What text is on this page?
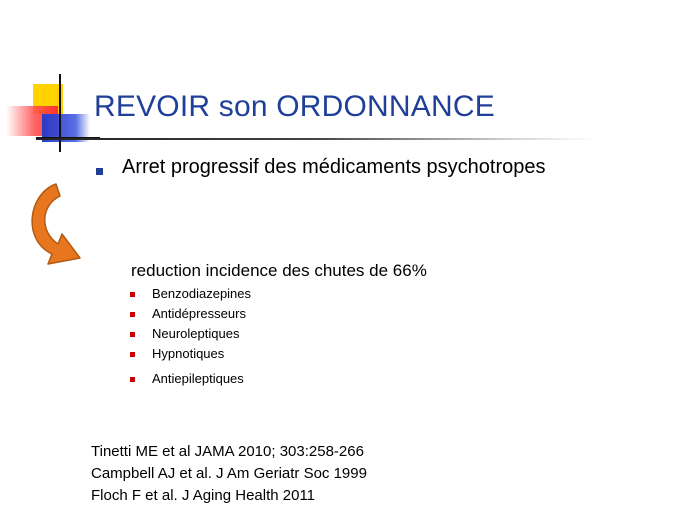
REVOIR son ORDONNANCE
Arret progressif des médicaments psychotropes
reduction incidence des chutes de 66%
Benzodiazepines
Antidépresseurs
Neuroleptiques
Hypnotiques
Antiepileptiques
Tinetti ME et al JAMA 2010; 303:258-266
Campbell AJ et al. J Am Geriatr Soc 1999
Floch F et al. J Aging Health 2011
